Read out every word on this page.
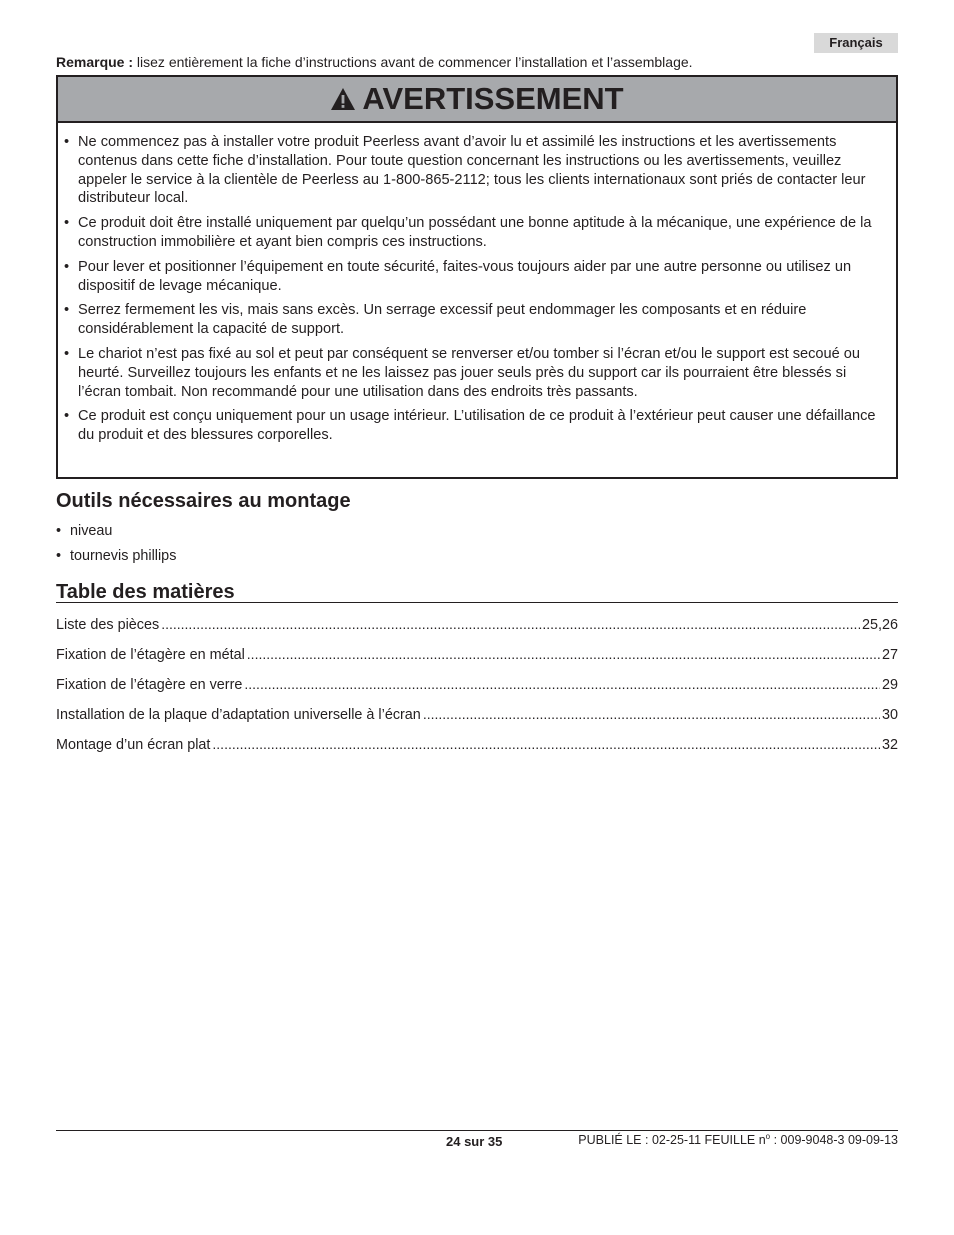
Français
Remarque : lisez entièrement la fiche d’instructions avant de commencer l’installation et l’assemblage.
AVERTISSEMENT
• Ne commencez pas à installer votre produit Peerless avant d’avoir lu et assimilé les instructions et les avertissements contenus dans cette fiche d’installation. Pour toute question concernant les instructions ou les avertissements, veuillez appeler le service à la clientèle de Peerless au 1-800-865-2112; tous les clients internationaux sont priés de contacter leur distributeur local.
• Ce produit doit être installé uniquement par quelqu’un possédant une bonne aptitude à la mécanique, une expérience de la construction immobilière et ayant bien compris ces instructions.
• Pour lever et positionner l’équipement en toute sécurité, faites-vous toujours aider par une autre personne ou utilisez un dispositif de levage mécanique.
• Serrez fermement les vis, mais sans excès. Un serrage excessif peut endommager les composants et en réduire considérablement la capacité de support.
• Le chariot n’est pas fixé au sol et peut par conséquent se renverser et/ou tomber si l’écran et/ou le support est secoué ou heurté. Surveillez toujours les enfants et ne les laissez pas jouer seuls près du support car ils pourraient être blessés si l’écran tombait. Non recommandé pour une utilisation dans des endroits très passants.
• Ce produit est conçu uniquement pour un usage intérieur. L’utilisation de ce produit à l’extérieur peut causer une défaillance du produit et des blessures corporelles.
Outils nécessaires au montage
• niveau
• tournevis phillips
Table des matières
Liste des pièces .....	25,26
Fixation de l’étagère en métal .....	27
Fixation de l’étagère en verre .....	29
Installation de la plaque d’adaptation universelle à l’écran .....	30
Montage d’un écran plat .....	32
24 sur 35	PUBLIÉ LE : 02-25-11 FEUILLE $n^o$ : 009-9048-3 09-09-13
